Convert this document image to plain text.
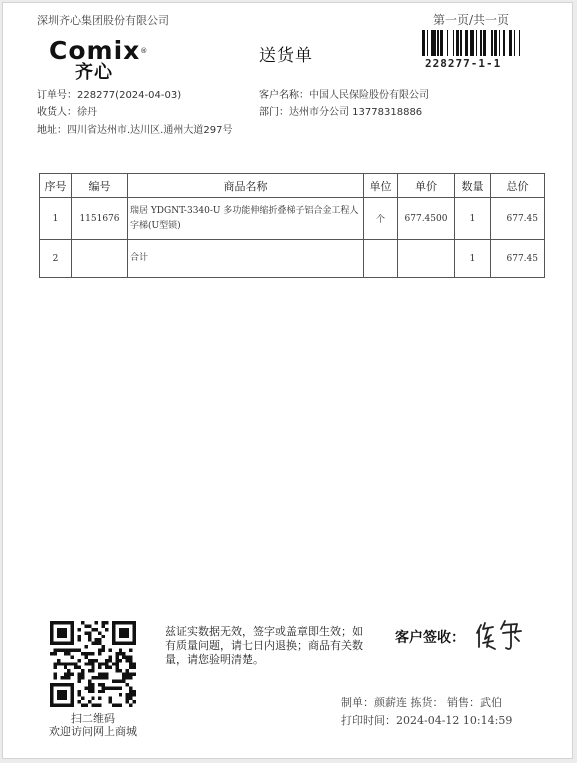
深圳齐心集团股份有限公司	第一页/共一页
Comix®
齐心
送货单	228277-1-1
订单号：228277(2024-04-03)
收货人：徐丹
地址：四川省达州市.达川区.通州大道297号
客户名称：中国人民保险股份有限公司
部门：达州市分公司 13778318886
序号	编号	商品名称	单位	单价	数量	总价
1	1151676	瑞居 YDGNT-3340-U 多功能伸缩折叠梯子铝合金工程人字梯(U型锁)	个	677.4500	1	677.45
2		合计			1	677.45
扫二维码
欢迎访问网上商城
兹证实数据无效，签字或盖章即生效；如有质量问题，请七日内退换；商品有关数量，请您验明清楚。
客户签收：
制单：颜薪连 拣货： 销售：武伯
打印时间：2024-04-12 10:14:59
